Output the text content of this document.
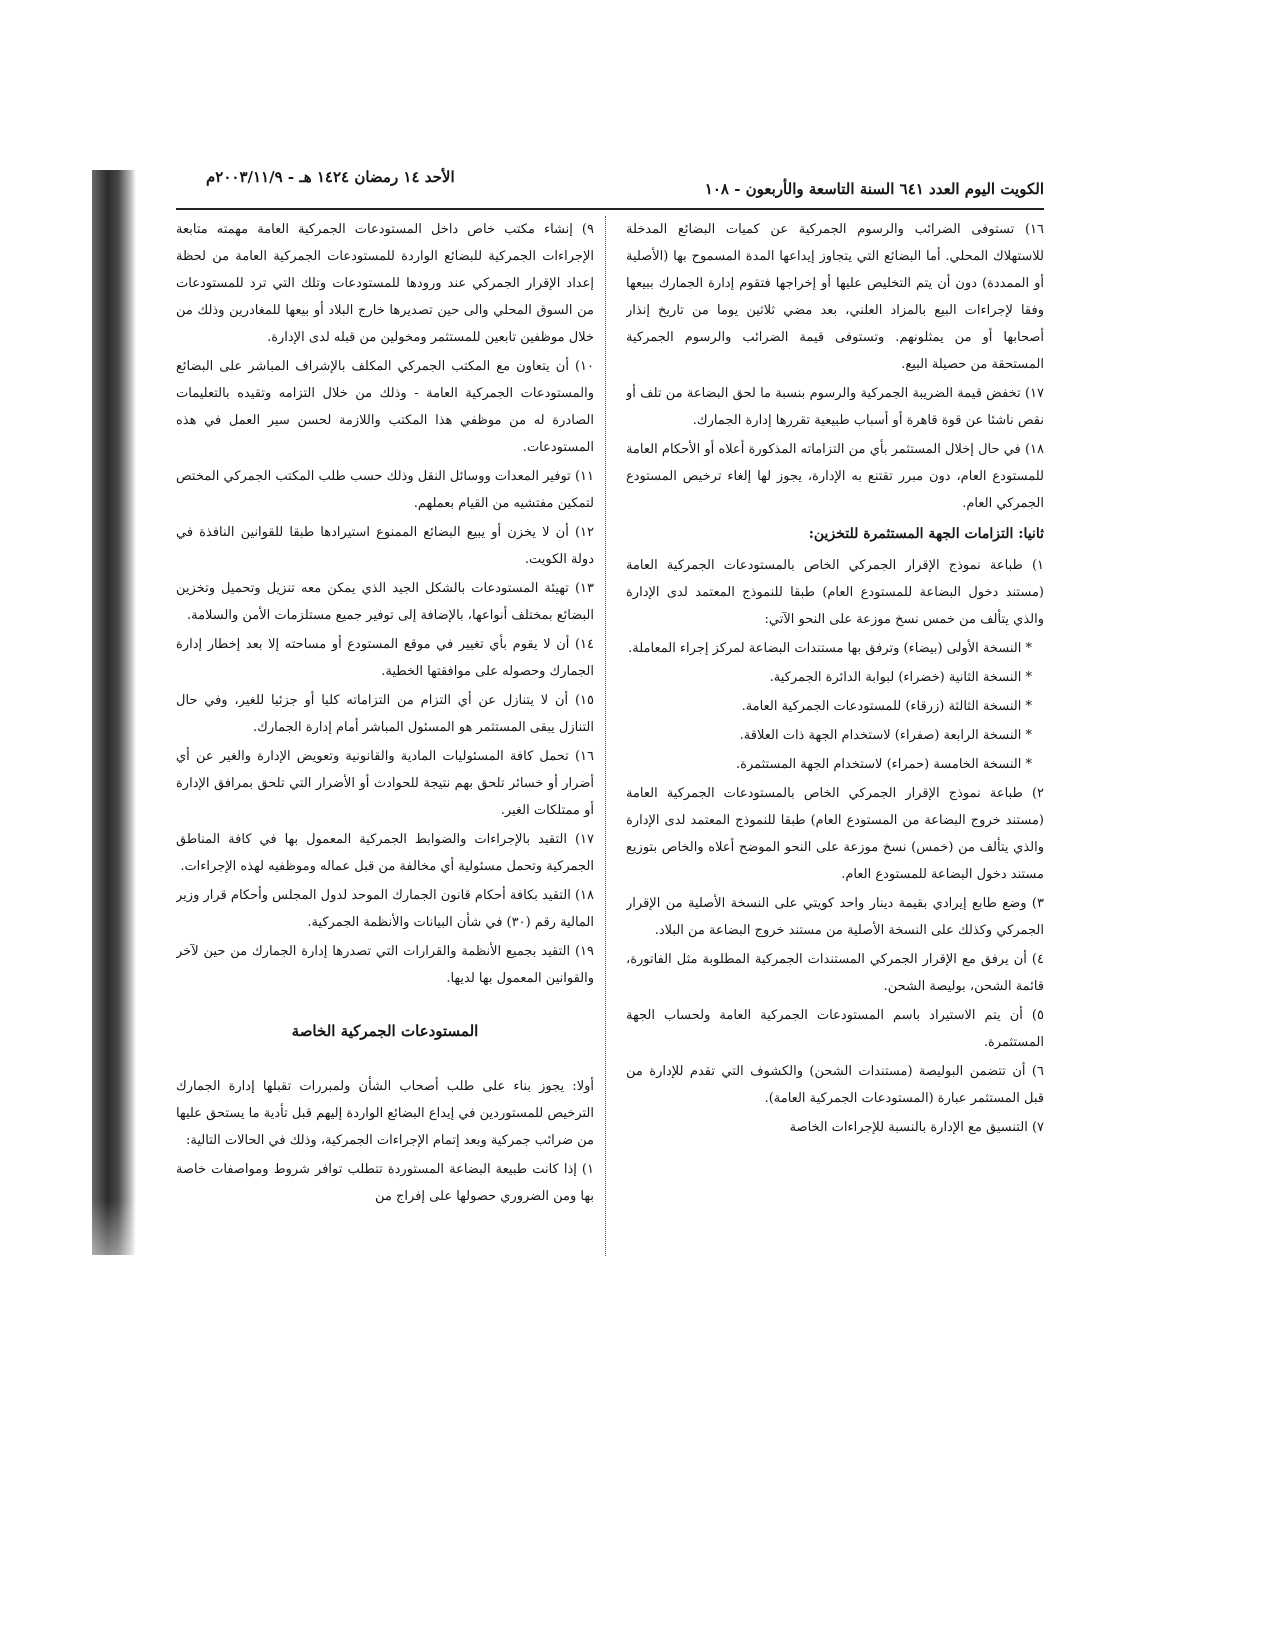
الكويت اليوم العدد ٦٤١ السنة التاسعة والأربعون - ١٠٨
الأحد ١٤ رمضان ١٤٢٤ هـ - ٢٠٠٣/١١/٩م

١٦) تستوفى الضرائب والرسوم الجمركية عن كميات البضائع المدخلة للاستهلاك المحلي. أما البضائع التي يتجاوز إيداعها المدة المسموح بها (الأصلية أو الممددة) دون أن يتم التخليص عليها أو إخراجها فتقوم إدارة الجمارك ببيعها وفقا لإجراءات البيع بالمزاد العلني، بعد مضي ثلاثين يوما من تاريخ إنذار أصحابها أو من يمثلونهم. وتستوفى قيمة الضرائب والرسوم الجمركية المستحقة من حصيلة البيع.

١٧) تخفض قيمة الضريبة الجمركية والرسوم بنسبة ما لحق البضاعة من تلف أو نقص ناشئا عن قوة قاهرة أو أسباب طبيعية تقررها إدارة الجمارك.

١٨) في حال إخلال المستثمر بأي من التزاماته المذكورة أعلاه أو الأحكام العامة للمستودع العام، دون مبرر تقتنع به الإدارة، يجوز لها إلغاء ترخيص المستودع الجمركي العام.

ثانيا: التزامات الجهة المستثمرة للتخزين:

١) طباعة نموذج الإقرار الجمركي الخاص بالمستودعات الجمركية العامة (مستند دخول البضاعة للمستودع العام) طبقا للنموذج المعتمد لدى الإدارة والذي يتألف من خمس نسخ موزعة على النحو الآتي:

* النسخة الأولى (بيضاء) وترفق بها مستندات البضاعة لمركز إجراء المعاملة.

* النسخة الثانية (خضراء) لبوابة الدائرة الجمركية.

* النسخة الثالثة (زرقاء) للمستودعات الجمركية العامة.

* النسخة الرابعة (صفراء) لاستخدام الجهة ذات العلاقة.

* النسخة الخامسة (حمراء) لاستخدام الجهة المستثمرة.

٢) طباعة نموذج الإقرار الجمركي الخاص بالمستودعات الجمركية العامة (مستند خروج البضاعة من المستودع العام) طبقا للنموذج المعتمد لدى الإدارة والذي يتألف من (خمس) نسخ موزعة على النحو الموضح أعلاه والخاص بتوزيع مستند دخول البضاعة للمستودع العام.

٣) وضع طابع إيرادي بقيمة دينار واحد كويتي على النسخة الأصلية من الإقرار الجمركي وكذلك على النسخة الأصلية من مستند خروج البضاعة من البلاد.

٤) أن يرفق مع الإقرار الجمركي المستندات الجمركية المطلوبة مثل الفاتورة، قائمة الشحن، بوليصة الشحن.

٥) أن يتم الاستيراد باسم المستودعات الجمركية العامة ولحساب الجهة المستثمرة.

٦) أن تتضمن البوليصة (مستندات الشحن) والكشوف التي تقدم للإدارة من قبل المستثمر عبارة (المستودعات الجمركية العامة).

٧) التنسيق مع الإدارة بالنسبة للإجراءات الخاصة

٩) إنشاء مكتب خاص داخل المستودعات الجمركية العامة مهمته متابعة الإجراءات الجمركية للبضائع الواردة للمستودعات الجمركية العامة من لحظة إعداد الإقرار الجمركي عند ورودها للمستودعات وتلك التي ترد للمستودعات من السوق المحلي والى حين تصديرها خارج البلاد أو بيعها للمغادرين وذلك من خلال موظفين تابعين للمستثمر ومخولين من قبله لدى الإدارة.

١٠) أن يتعاون مع المكتب الجمركي المكلف بالإشراف المباشر على البضائع والمستودعات الجمركية العامة - وذلك من خلال التزامه وتقيده بالتعليمات الصادرة له من موظفي هذا المكتب واللازمة لحسن سير العمل في هذه المستودعات.

١١) توفير المعدات ووسائل النقل وذلك حسب طلب المكتب الجمركي المختص لتمكين مفتشيه من القيام بعملهم.

١٢) أن لا يخزن أو يبيع البضائع الممنوع استيرادها طبقا للقوانين النافذة في دولة الكويت.

١٣) تهيئة المستودعات بالشكل الجيد الذي يمكن معه تنزيل وتحميل وتخزين البضائع بمختلف أنواعها، بالإضافة إلى توفير جميع مستلزمات الأمن والسلامة.

١٤) أن لا يقوم بأي تغيير في موقع المستودع أو مساحته إلا بعد إخطار إدارة الجمارك وحصوله على موافقتها الخطية.

١٥) أن لا يتنازل عن أي التزام من التزاماته كليا أو جزئيا للغير، وفي حال التنازل يبقى المستثمر هو المسئول المباشر أمام إدارة الجمارك.

١٦) تحمل كافة المسئوليات المادية والقانونية وتعويض الإدارة والغير عن أي أضرار أو خسائر تلحق بهم نتيجة للحوادث أو الأضرار التي تلحق بمرافق الإدارة أو ممتلكات الغير.

١٧) التقيد بالإجراءات والضوابط الجمركية المعمول بها في كافة المناطق الجمركية وتحمل مسئولية أي مخالفة من قبل عماله وموظفيه لهذه الإجراءات.

١٨) التقيد بكافة أحكام قانون الجمارك الموحد لدول المجلس وأحكام قرار وزير المالية رقم (٣٠) في شأن البيانات والأنظمة الجمركية.

١٩) التقيد بجميع الأنظمة والقرارات التي تصدرها إدارة الجمارك من حين لآخر والقوانين المعمول بها لديها.

المستودعات الجمركية الخاصة

أولا: يجوز بناء على طلب أصحاب الشأن ولمبررات تقبلها إدارة الجمارك الترخيص للمستوردين في إيداع البضائع الواردة إليهم قبل تأدية ما يستحق عليها من ضرائب جمركية وبعد إتمام الإجراءات الجمركية، وذلك في الحالات التالية:

١) إذا كانت طبيعة البضاعة المستوردة تتطلب توافر شروط ومواصفات خاصة بها ومن الضروري حصولها على إفراج من
